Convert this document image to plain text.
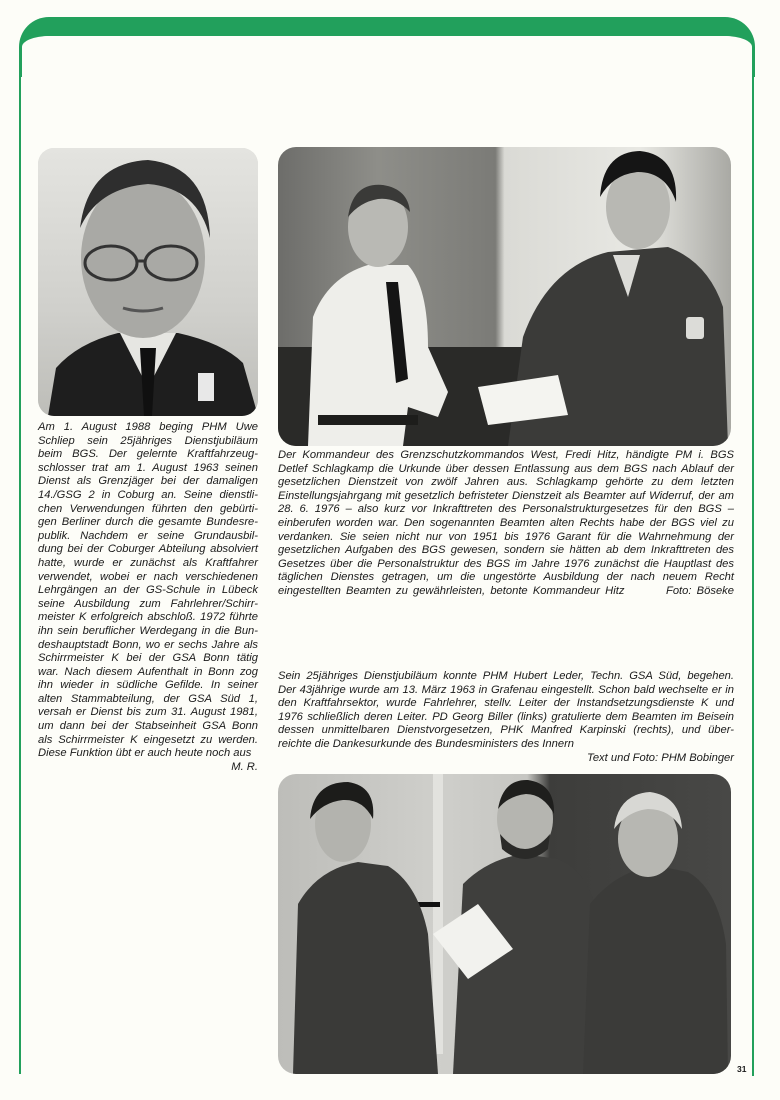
Am 1. August 1988 beging PHM Uwe
Schliep sein 25jähriges Dienstjubiläum
beim BGS. Der gelernte Kraftfahrzeug-
schlosser trat am 1. August 1963 seinen
Dienst als Grenzjäger bei der damaligen
14./GSG 2 in Coburg an. Seine dienstli-
chen Verwendungen führten den gebürti-
gen Berliner durch die gesamte Bundesre-
publik. Nachdem er seine Grundausbil-
dung bei der Coburger Abteilung absolviert
hatte, wurde er zunächst als Kraftfahrer
verwendet, wobei er nach verschiedenen
Lehrgängen an der GS-Schule in Lübeck
seine Ausbildung zum Fahrlehrer/Schirr-
meister K erfolgreich abschloß. 1972 führte
ihn sein beruflicher Werdegang in die Bun-
deshauptstadt Bonn, wo er sechs Jahre als
Schirrmeister K bei der GSA Bonn tätig
war. Nach diesem Aufenthalt in Bonn zog
ihn wieder in südliche Gefilde. In seiner
alten Stammabteilung, der GSA Süd 1,
versah er Dienst bis zum 31. August 1981,
um dann bei der Stabseinheit GSA Bonn
als Schirrmeister K eingesetzt zu werden.
Diese Funktion übt er auch heute noch aus
M. R.
Der Kommandeur des Grenzschutzkommandos West, Fredi Hitz, händigte PM i. BGS
Detlef Schlagkamp die Urkunde über dessen Entlassung aus dem BGS nach Ablauf der
gesetzlichen Dienstzeit von zwölf Jahren aus. Schlagkamp gehörte zu dem letzten
Einstellungsjahrgang mit gesetzlich befristeter Dienstzeit als Beamter auf Widerruf, der am
28. 6. 1976 – also kurz vor Inkrafttreten des Personalstrukturgesetzes für den BGS –
einberufen worden war. Den sogenannten Beamten alten Rechts habe der BGS viel zu
verdanken. Sie seien nicht nur von 1951 bis 1976 Garant für die Wahrnehmung der
gesetzlichen Aufgaben des BGS gewesen, sondern sie hätten ab dem Inkrafttreten des
Gesetzes über die Personalstruktur des BGS im Jahre 1976 zunächst die Hauptlast des
täglichen Dienstes getragen, um die ungestörte Ausbildung der nach neuem Recht
eingestellten Beamten zu gewährleisten, betonte Kommandeur Hitz        Foto: Böseke
Sein 25jähriges Dienstjubiläum konnte PHM Hubert Leder, Techn. GSA Süd, begehen.
Der 43jährige wurde am 13. März 1963 in Grafenau eingestellt. Schon bald wechselte er in
den Kraftfahrsektor, wurde Fahrlehrer, stellv. Leiter der Instandsetzungsdienste K und
1976 schließlich deren Leiter. PD Georg Biller (links) gratulierte dem Beamten im Beisein
dessen unmittelbaren Dienstvorgesetzen, PHK Manfred Karpinski (rechts), und über-
reichte die Dankesurkunde des Bundesministers des Innern
Text und Foto: PHM Bobinger
31
